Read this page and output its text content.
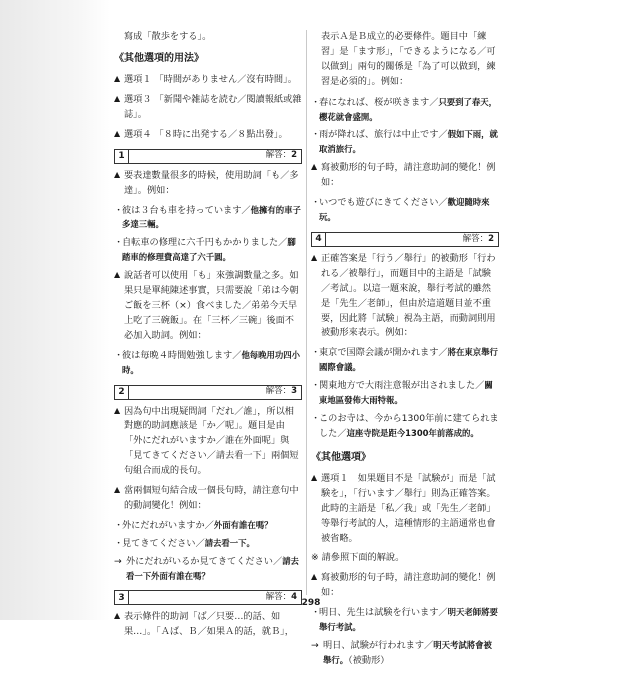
寫成「散歩をする」。

《其他選項的用法》
▲ 選項１ 「時間がありません／沒有時間」。
▲ 選項３ 「新聞や雑誌を読む／閱讀報紙或雜誌」。
▲ 選項４ 「８時に出発する／８點出發」。
1	解答：2
▲ 要表達數量很多的時候，使用助詞「も／多達」。例如：
・
彼は３台も車を持っています／他擁有的車子多達三輛。
・
自転車の修理に六千円もかかりました／腳踏車的修理費高達了六千圓。
▲ 說話者可以使用「も」來強調數量之多。如果只是單純陳述事實，只需要說「弟は今朝ご飯を三杯（×）食べました／弟弟今天早上吃了三碗飯」。在「三杯／三碗」後面不必加入助詞。例如：
・
彼は毎晩４時間勉強します／他每晚用功四小時。
2	解答：3
▲ 因為句中出現疑問詞「だれ／誰」，所以相對應的助詞應該是「か／呢」。題目是由「外にだれがいますか／誰在外面呢」與「見てきてください／請去看一下」兩個短句組合而成的長句。
▲ 當兩個短句結合成一個長句時，請注意句中的動詞變化！例如：
・
外にだれがいますか／外面有誰在嗎？
・
見てきてください／請去看一下。
→ 外にだれがいるか見てきてください／請去看一下外面有誰在嗎？
3	解答：4
▲ 表示條件的助詞「ば／只要…的話、如果…」。「Ａば、Ｂ／如果Ａ的話，就Ｂ」，

表示Ａ是Ｂ成立的必要條件。題目中「練習」是「ます形」，「できるようになる／可以做到」兩句的關係是「為了可以做到，練習是必須的」。例如：

・
春になれば、桜が咲きます／只要到了春天，櫻花就會盛開。
・
雨が降れば、旅行は中止です／假如下雨，就取消旅行。
▲ 寫被動形的句子時，請注意助詞的變化！例如：
・
いつでも遊びにきてください／歡迎隨時來玩。
4	解答：2
▲ 正確答案是「行う／舉行」的被動形「行われる／被舉行」，而題目中的主語是「試験／考試」。以這一題來說，舉行考試的雖然是「先生／老師」，但由於這道題目並不重要，因此將「試験」視為主語，而動詞則用被動形來表示。例如：
・
東京で国際会議が開かれます／將在東京舉行國際會議。
・
関東地方で大雨注意報が出されました／關東地區發佈大雨特報。
・
このお寺は、今から1300年前に建てられました／這座寺院是距今1300年前落成的。
《其他選項》
▲ 選項１　如果題目不是「試験が」而是「試験を」，「行います／舉行」則為正確答案。此時的主語是「私／我」或「先生／老師」等舉行考試的人，這種情形的主語通常也會被省略。
※ 請參照下面的解說。
▲ 寫被動形的句子時，請注意助詞的變化！例如：
・
明日、先生は試験を行います／明天老師將要舉行考試。
→ 明日、試験が行われます／明天考試將會被舉行。（被動形）
298
